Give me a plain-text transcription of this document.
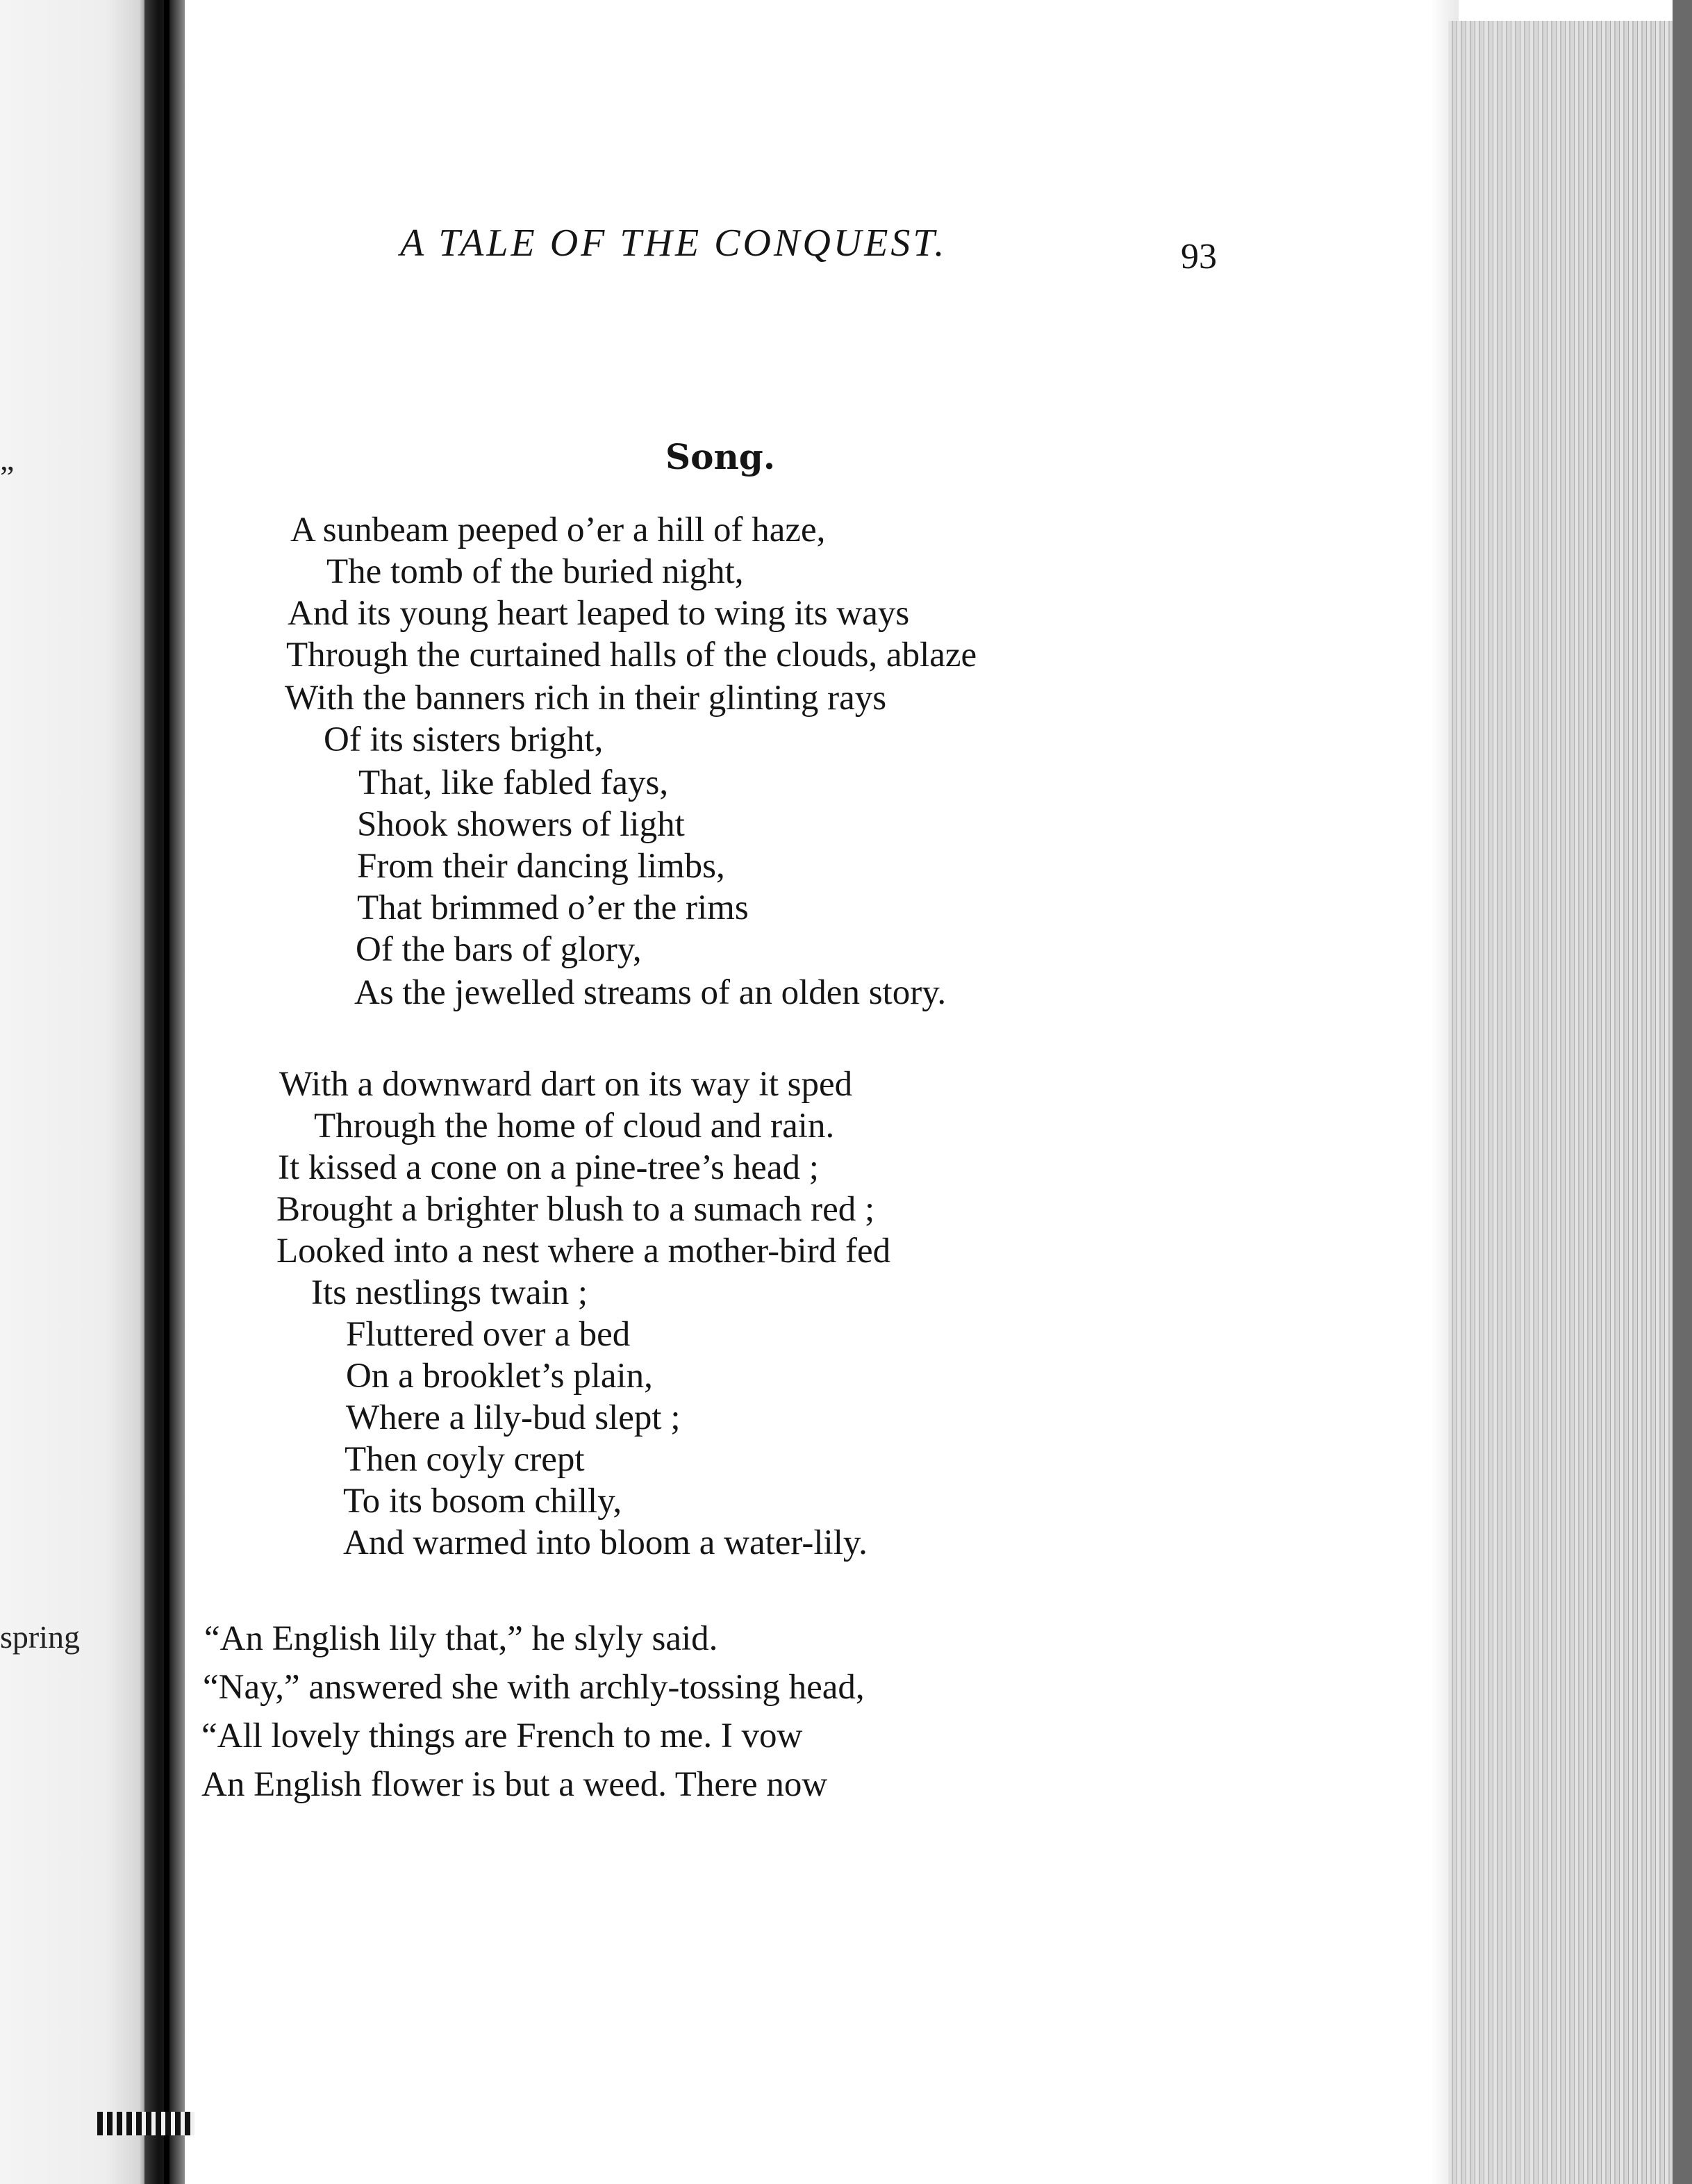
”
spring
A TALE OF THE CONQUEST.	93
Song.
A sunbeam peeped o’er a hill of haze,
The tomb of the buried night,
And its young heart leaped to wing its ways
Through the curtained halls of the clouds, ablaze
With the banners rich in their glinting rays
Of its sisters bright,
That, like fabled fays,
Shook showers of light
From their dancing limbs,
That brimmed o’er the rims
Of the bars of glory,
As the jewelled streams of an olden story.
With a downward dart on its way it sped
Through the home of cloud and rain.
It kissed a cone on a pine-tree’s head ;
Brought a brighter blush to a sumach red ;
Looked into a nest where a mother-bird fed
Its nestlings twain ;
Fluttered over a bed
On a brooklet’s plain,
Where a lily-bud slept ;
Then coyly crept
To its bosom chilly,
And warmed into bloom a water-lily.
“An English lily that,” he slyly said.
“Nay,” answered she with archly-tossing head,
“All lovely things are French to me. I vow
An English flower is but a weed. There now
